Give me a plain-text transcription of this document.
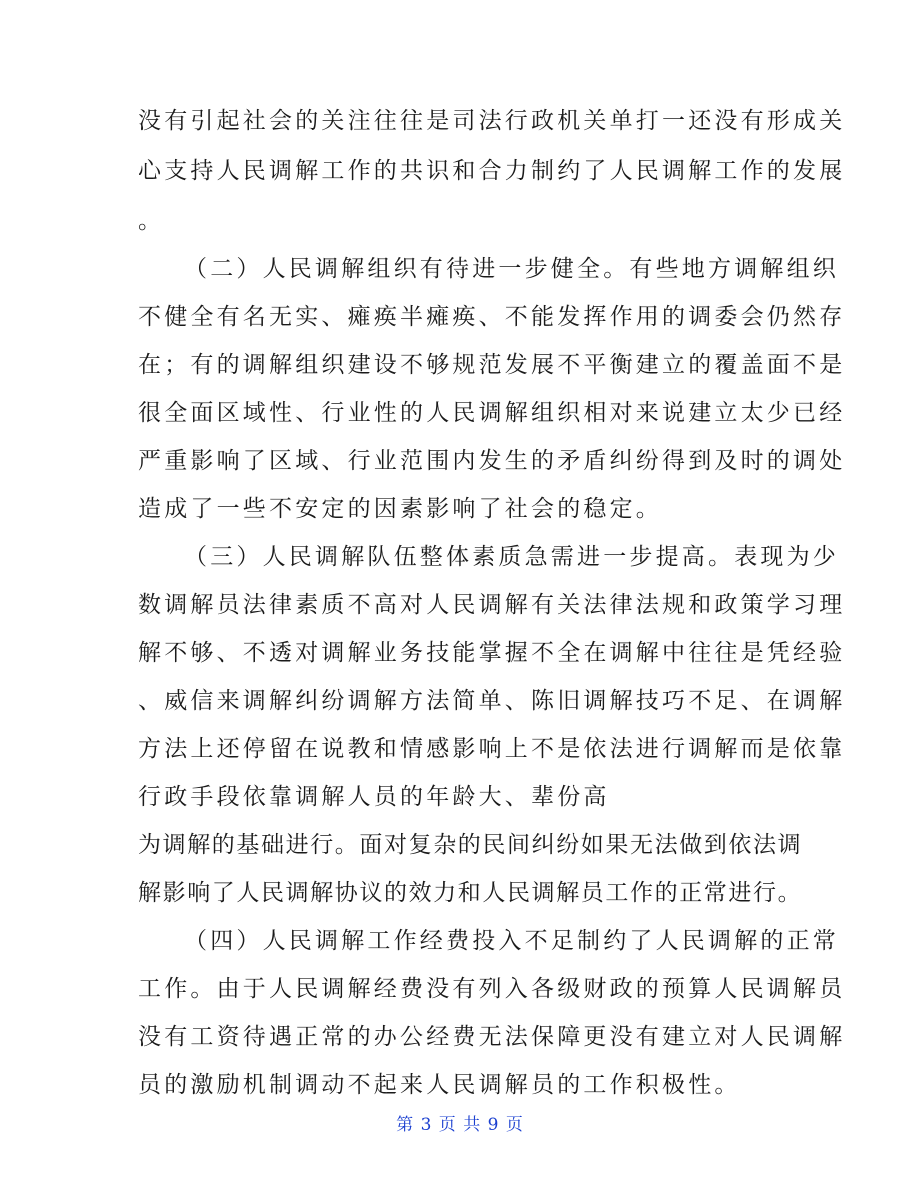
没有引起社会的关注往往是司法行政机关单打一还没有形成关
心支持人民调解工作的共识和合力制约了人民调解工作的发展
。
（二）人民调解组织有待进一步健全。有些地方调解组织
不健全有名无实、瘫痪半瘫痪、不能发挥作用的调委会仍然存
在；有的调解组织建设不够规范发展不平衡建立的覆盖面不是
很全面区域性、行业性的人民调解组织相对来说建立太少已经
严重影响了区域、行业范围内发生的矛盾纠纷得到及时的调处
造成了一些不安定的因素影响了社会的稳定。
（三）人民调解队伍整体素质急需进一步提高。表现为少
数调解员法律素质不高对人民调解有关法律法规和政策学习理
解不够、不透对调解业务技能掌握不全在调解中往往是凭经验
、威信来调解纠纷调解方法简单、陈旧调解技巧不足、在调解
方法上还停留在说教和情感影响上不是依法进行调解而是依靠
行政手段依靠调解人员的年龄大、辈份高
为调解的基础进行。面对复杂的民间纠纷如果无法做到依法调
解影响了人民调解协议的效力和人民调解员工作的正常进行。
（四）人民调解工作经费投入不足制约了人民调解的正常
工作。由于人民调解经费没有列入各级财政的预算人民调解员
没有工资待遇正常的办公经费无法保障更没有建立对人民调解
员的激励机制调动不起来人民调解员的工作积极性。
第 3 页 共 9 页
